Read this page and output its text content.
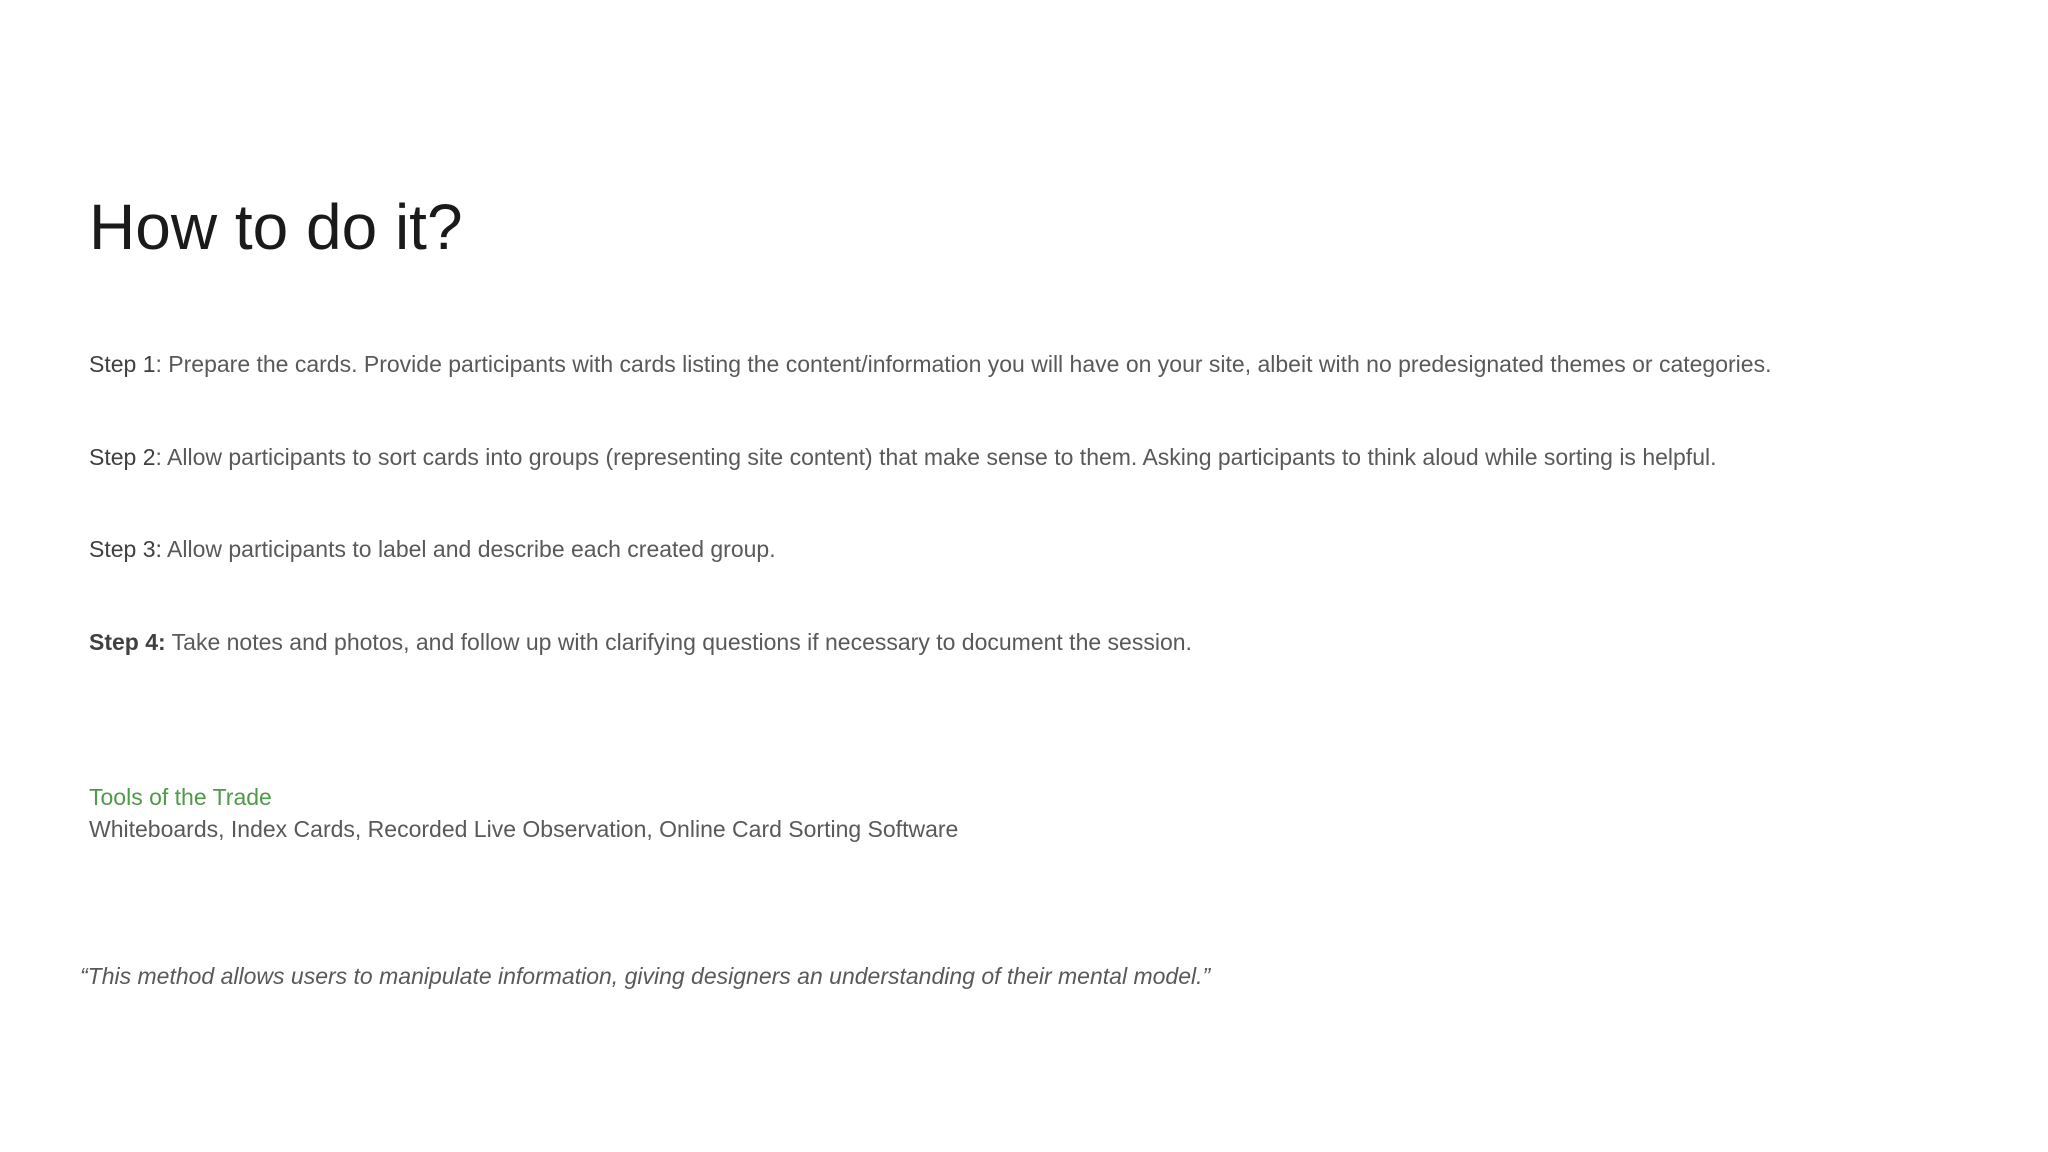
How to do it?

Step 1: Prepare the cards. Provide participants with cards listing the content/information you will have on your site, albeit with no predesignated themes or categories.

Step 2: Allow participants to sort cards into groups (representing site content) that make sense to them. Asking participants to think aloud while sorting is helpful.

Step 3: Allow participants to label and describe each created group.

Step 4: Take notes and photos, and follow up with clarifying questions if necessary to document the session.

Tools of the Trade

Whiteboards, Index Cards, Recorded Live Observation, Online Card Sorting Software

“This method allows users to manipulate information, giving designers an understanding of their mental model.”
